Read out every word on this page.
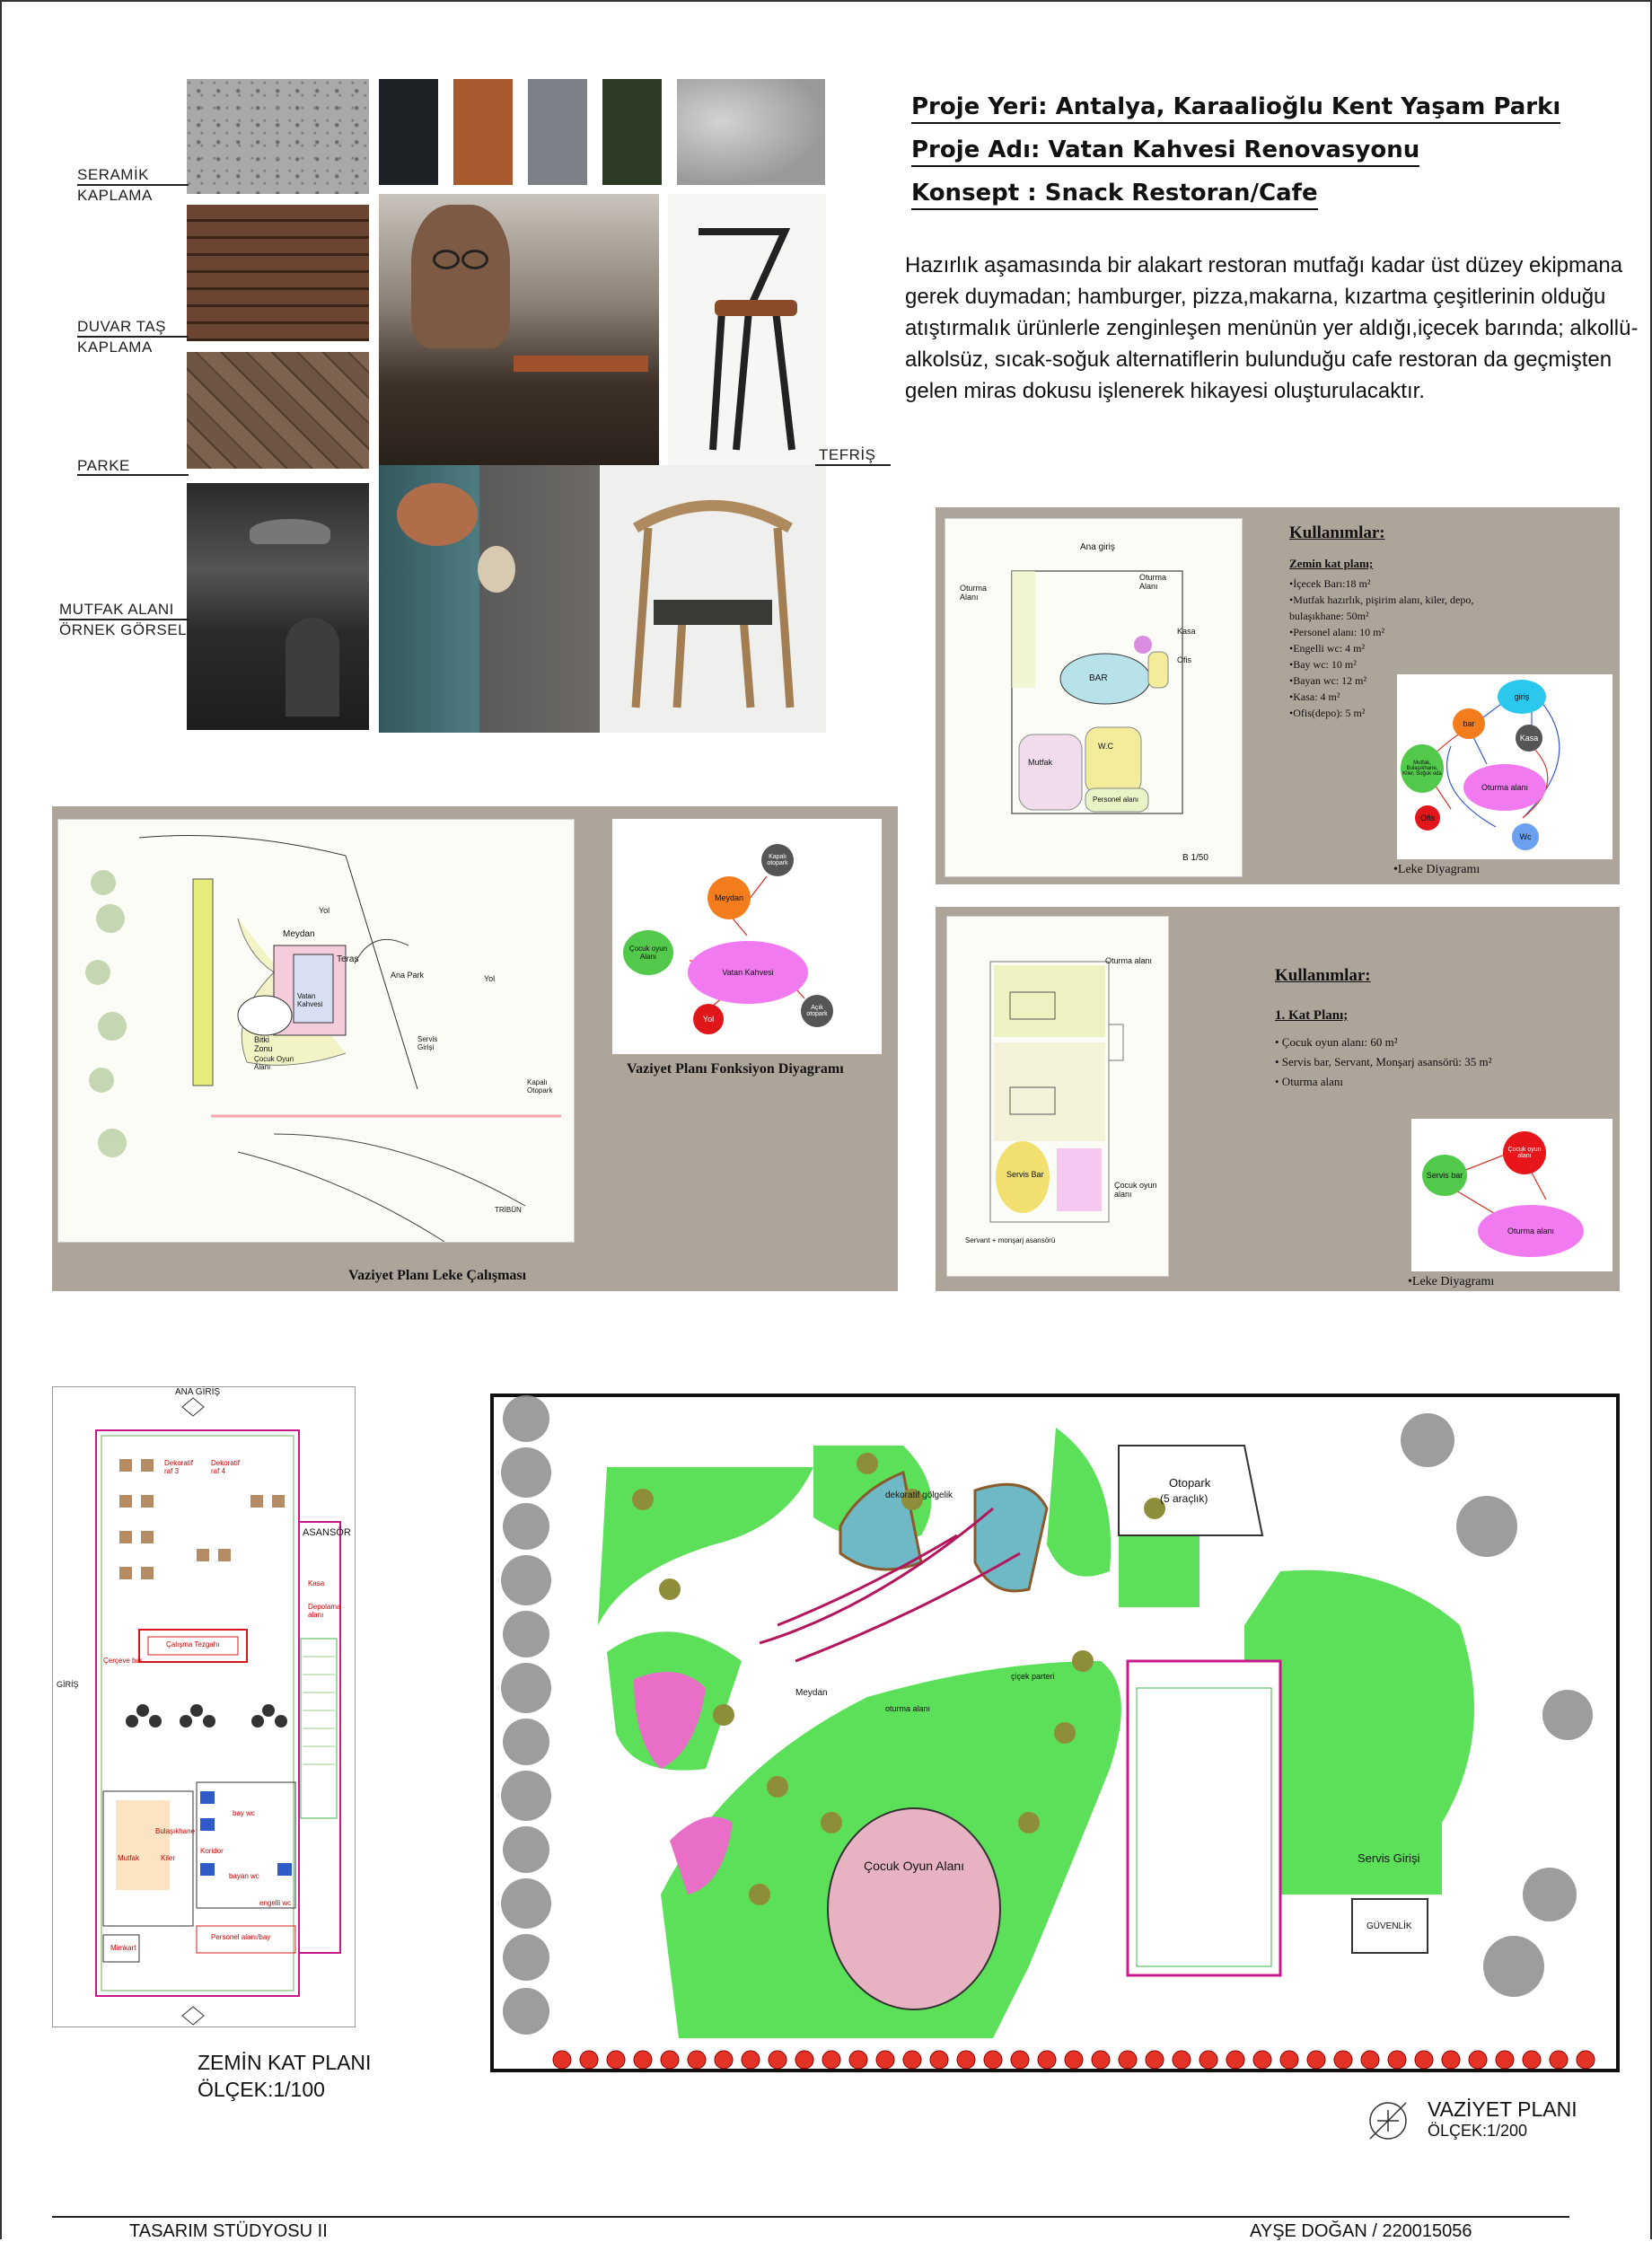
SERAMİK
KAPLAMA
DUVAR TAŞ
KAPLAMA
PARKE
MUTFAK ALANI
ÖRNEK GÖRSEL
TEFRİŞ
Proje Yeri: Antalya, Karaalioğlu Kent Yaşam Parkı
Proje Adı: Vatan Kahvesi Renovasyonu
Konsept : Snack Restoran/Cafe
Hazırlık aşamasında bir alakart restoran mutfağı kadar üst düzey ekipmana gerek duymadan; hamburger, pizza,makarna, kızartma çeşitlerinin olduğu atıştırmalık ürünlerle zenginleşen menünün yer aldığı,içecek barında; alkollü-alkolsüz, sıcak-soğuk alternatiflerin bulunduğu cafe restoran da geçmişten gelen miras dokusu işlenerek hikayesi oluşturulacaktır.
Ana giriş
Oturma Alanı
Oturma Alanı
Kasa
Ofis
BAR
Mutfak
W.C
Personel alanı
B 1/50
Kullanımlar:
Zemin kat planı;
•İçecek Barı:18 m²
•Mutfak hazırlık, pişirim alanı, kiler, depo, bulaşıkhane: 50m²
•Personel alanı: 10 m²
•Engelli wc: 4 m²
•Bay wc: 10 m²
•Bayan wc: 12 m²
•Kasa: 4 m²
•Ofis(depo): 5 m²
giriş
bar
Kasa
Mutfak, Bulaşıkhane, Kiler, Soğuk oda
Oturma alanı
Ofis
Wc
•Leke Diyagramı
Oturma alanı
Servis Bar
Çocuk oyun alanı
Servant + monşarj asansörü
Kullanımlar:
1. Kat Planı;
• Çocuk oyun alanı: 60 m²
• Servis bar, Servant, Monşarj asansörü: 35 m²
• Oturma alanı
Servis bar
Çocuk oyun alanı
Oturma alanı
•Leke Diyagramı
Meydan
Teras
Vatan Kahvesi
Ana Park
Yol
Yol
Bitki Zonu
Çocuk Oyun Alanı
Kapalı Otopark
Servis Girişi
TRİBÜN
Kapalı otopark
Meydan
Çocuk oyun Alanı
Vatan Kahvesi
Açık otopark
Yol
Vaziyet Planı Fonksiyon Diyagramı
Vaziyet Planı Leke Çalışması
ANA GİRİŞ
GİRİŞ
ASANSÖR
Dekoratif raf 3
Dekoratif raf 4
Kasa
Depolama alanı
Çalışma Tezgahı
Çerçeve bar
Mutfak
Bulaşıkhane
Kiler
bay wc
bayan wc
Koridor
engelli wc
Personel alanı/bay
Mimkart
ZEMİN KAT PLANI
ÖLÇEK:1/100
dekoratif gölgelik
Otopark
(5 araçlık)
çiçek parteri
oturma alanı
Meydan
Çocuk Oyun Alanı
Servis Girişi
GÜVENLİK
VAZİYET PLANI
ÖLÇEK:1/200
TASARIM STÜDYOSU II	AYŞE DOĞAN / 220015056
